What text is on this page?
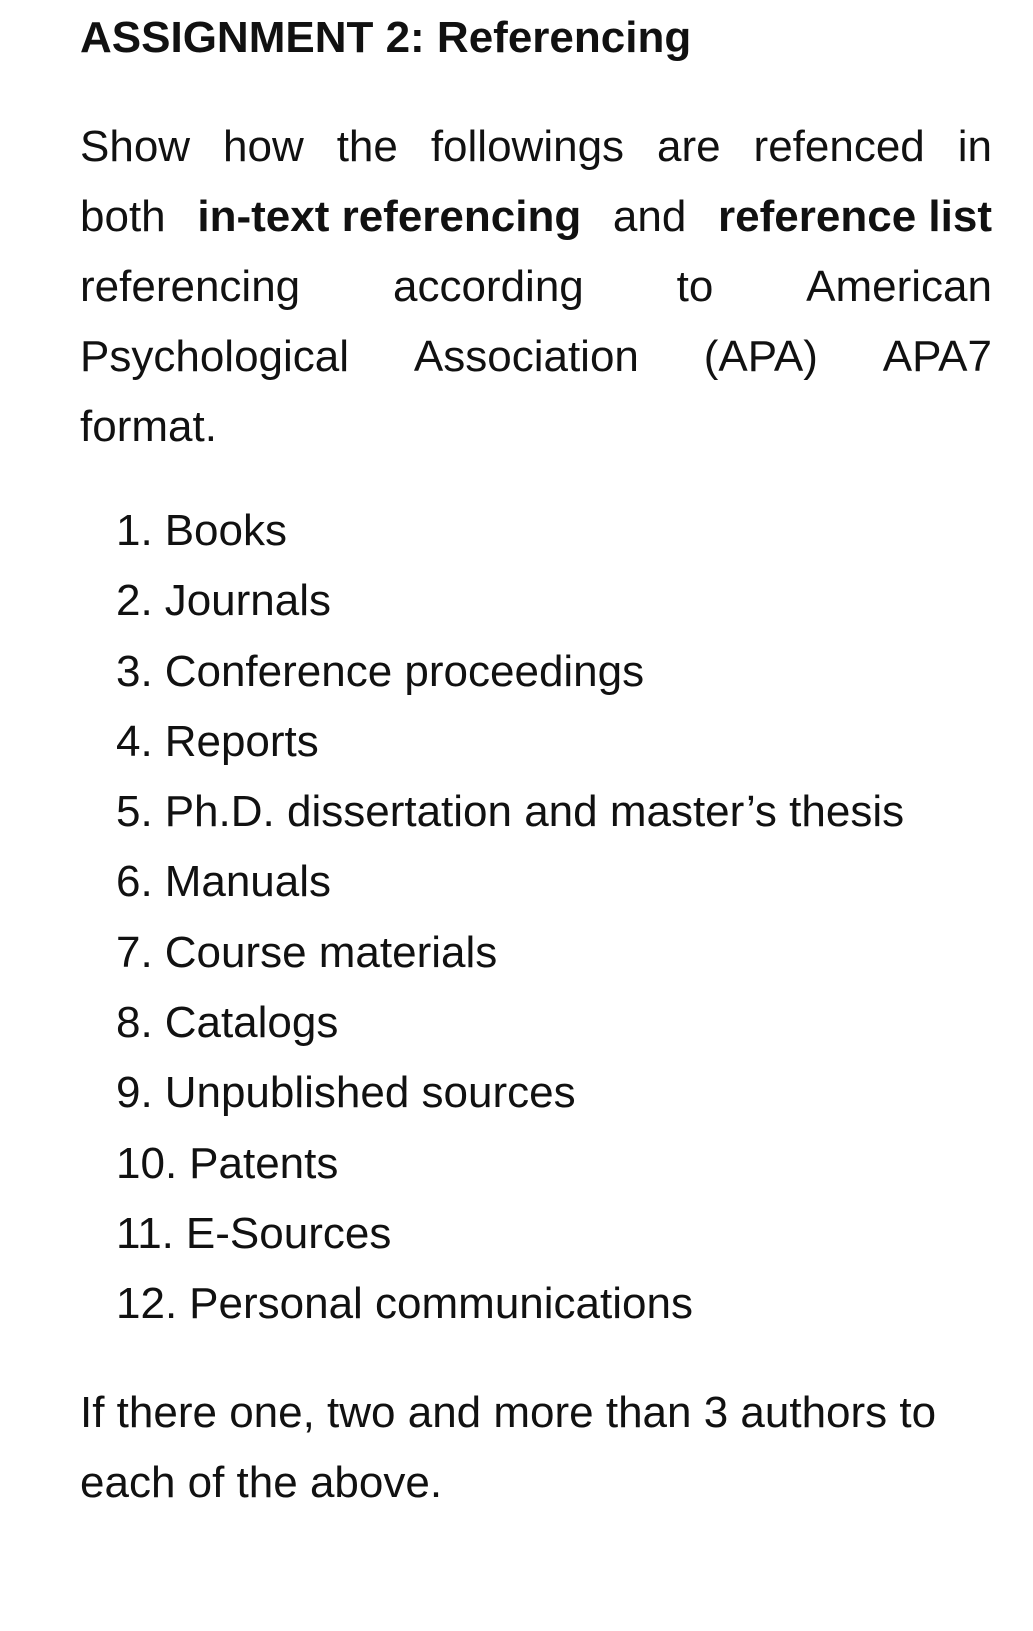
ASSIGNMENT 2: Referencing
Show how the followings are refenced in
both in-text referencing and reference list
referencing according to American
Psychological Association (APA) APA7
format.
1. Books
2. Journals
3. Conference proceedings
4. Reports
5. Ph.D. dissertation and master’s thesis
6. Manuals
7. Course materials
8. Catalogs
9. Unpublished sources
10. Patents
11. E-Sources
12. Personal communications
If there one, two and more than 3 authors to
each of the above.
